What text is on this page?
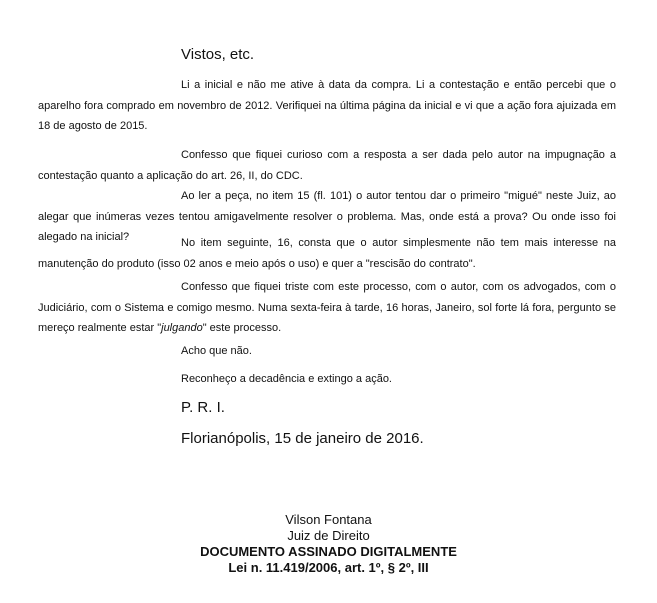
Vistos, etc.

Li a inicial e não me ative à data da compra. Li a contestação e então percebi que o aparelho fora comprado em novembro de 2012. Verifiquei na última página da inicial e vi que a ação fora ajuizada em 18 de agosto de 2015.

Confesso que fiquei curioso com a resposta a ser dada pelo autor na impugnação a contestação quanto a aplicação do art. 26, II, do CDC.

Ao ler a peça, no item 15 (fl. 101) o autor tentou dar o primeiro "migué" neste Juiz, ao alegar que inúmeras vezes tentou amigavelmente resolver o problema. Mas, onde está a prova? Ou onde isso foi alegado na inicial?	No item seguinte, 16, consta que o autor simplesmente não tem mais interesse na manutenção do produto (isso 02 anos e meio após o uso) e quer a "rescisão do contrato".

Confesso que fiquei triste com este processo, com o autor, com os advogados, com o Judiciário, com o Sistema e comigo mesmo. Numa sexta-feira à tarde, 16 horas, Janeiro, sol forte lá fora, pergunto se mereço realmente estar "julgando" este processo.

Acho que não.

Reconheço a decadência e extingo a ação.

P. R. I.

Florianópolis, 15 de janeiro de 2016.

Vilson Fontana
Juiz de Direito
DOCUMENTO ASSINADO DIGITALMENTE
Lei n. 11.419/2006, art. 1º, § 2º, III
